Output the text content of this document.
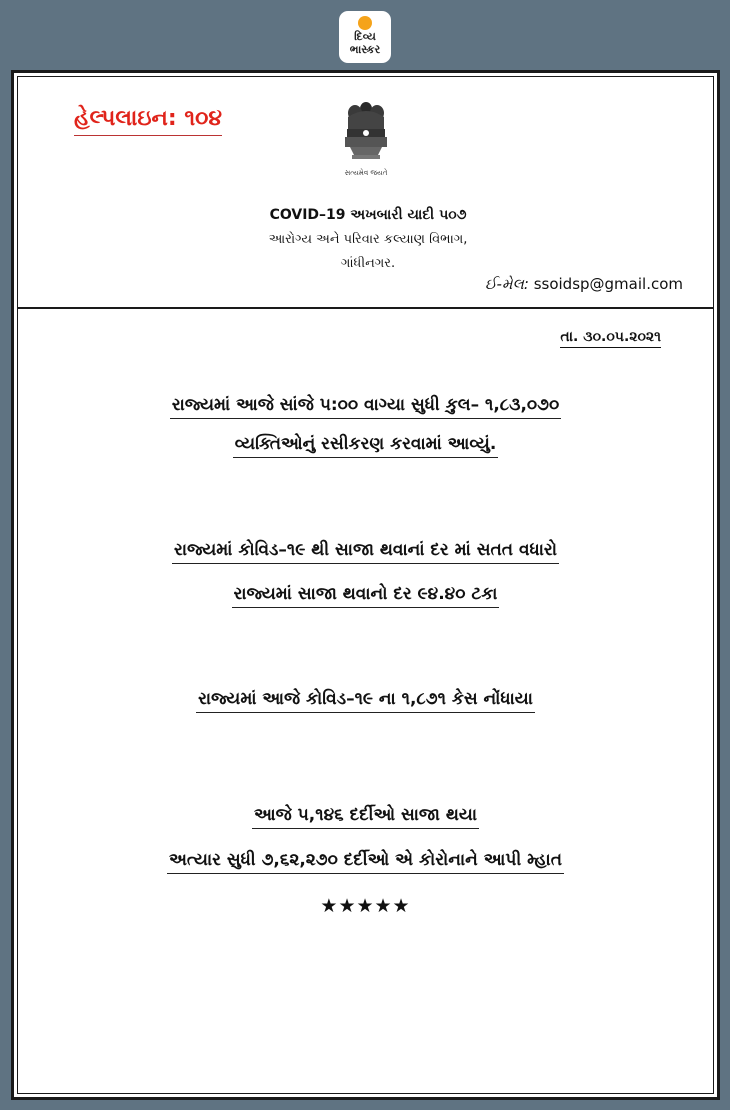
દિવ્ય
ભાસ્કર
હેલ્પલાઇન: ૧૦૪
સત્યમેવ જયતે
COVID–19 અખબારી યાદી ૫૦૭
આરોગ્ય અને પરિવાર કલ્યાણ વિભાગ,
ગાંધીનગર.
ઈ-મેલ: ssoidsp@gmail.com
તા. ૩૦.૦૫.૨૦૨૧
રાજ્યમાં આજે સાંજે ૫:૦૦ વાગ્યા સુધી કુલ– ૧,૮૩,૦૭૦
વ્યક્તિઓનું રસીકરણ કરવામાં આવ્યું.
રાજ્યમાં કોવિડ–૧૯ થી સાજા થવાનાં દર માં સતત વધારો
રાજ્યમાં સાજા થવાનો દર ૯૪.૪૦ ટકા
રાજ્યમાં આજે કોવિડ–૧૯ ના ૧,૮૭૧ કેસ નોંધાયા
આજે ૫,૧૪૬ દર્દીઓ સાજા થયા
અત્યાર સુધી ૭,૬૨,૨૭૦ દર્દીઓ એ કોરોનાને આપી મ્હાત
★★★★★
